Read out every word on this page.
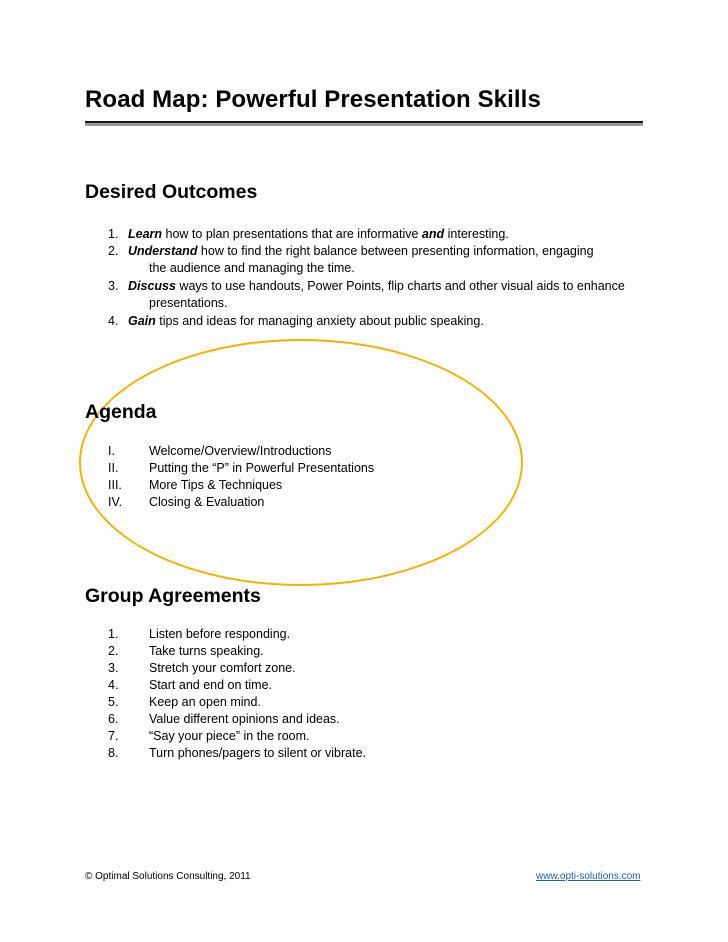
Road Map: Powerful Presentation Skills
Desired Outcomes
1. Learn how to plan presentations that are informative and interesting.
2. Understand how to find the right balance between presenting information, engaging
the audience and managing the time.
3. Discuss ways to use handouts, Power Points, flip charts and other visual aids to enhance
presentations.
4. Gain tips and ideas for managing anxiety about public speaking.
Agenda
I.	Welcome/Overview/Introductions
II. Putting the “P” in Powerful Presentations
III. More Tips & Techniques
IV. Closing & Evaluation
Group Agreements
1. Listen before responding.
2. Take turns speaking.
3. Stretch your comfort zone.
4. Start and end on time.
5. Keep an open mind.
6. Value different opinions and ideas.
7. “Say your piece” in the room.
8. Turn phones/pagers to silent or vibrate.
© Optimal Solutions Consulting, 2011	www.opti-solutions.com
